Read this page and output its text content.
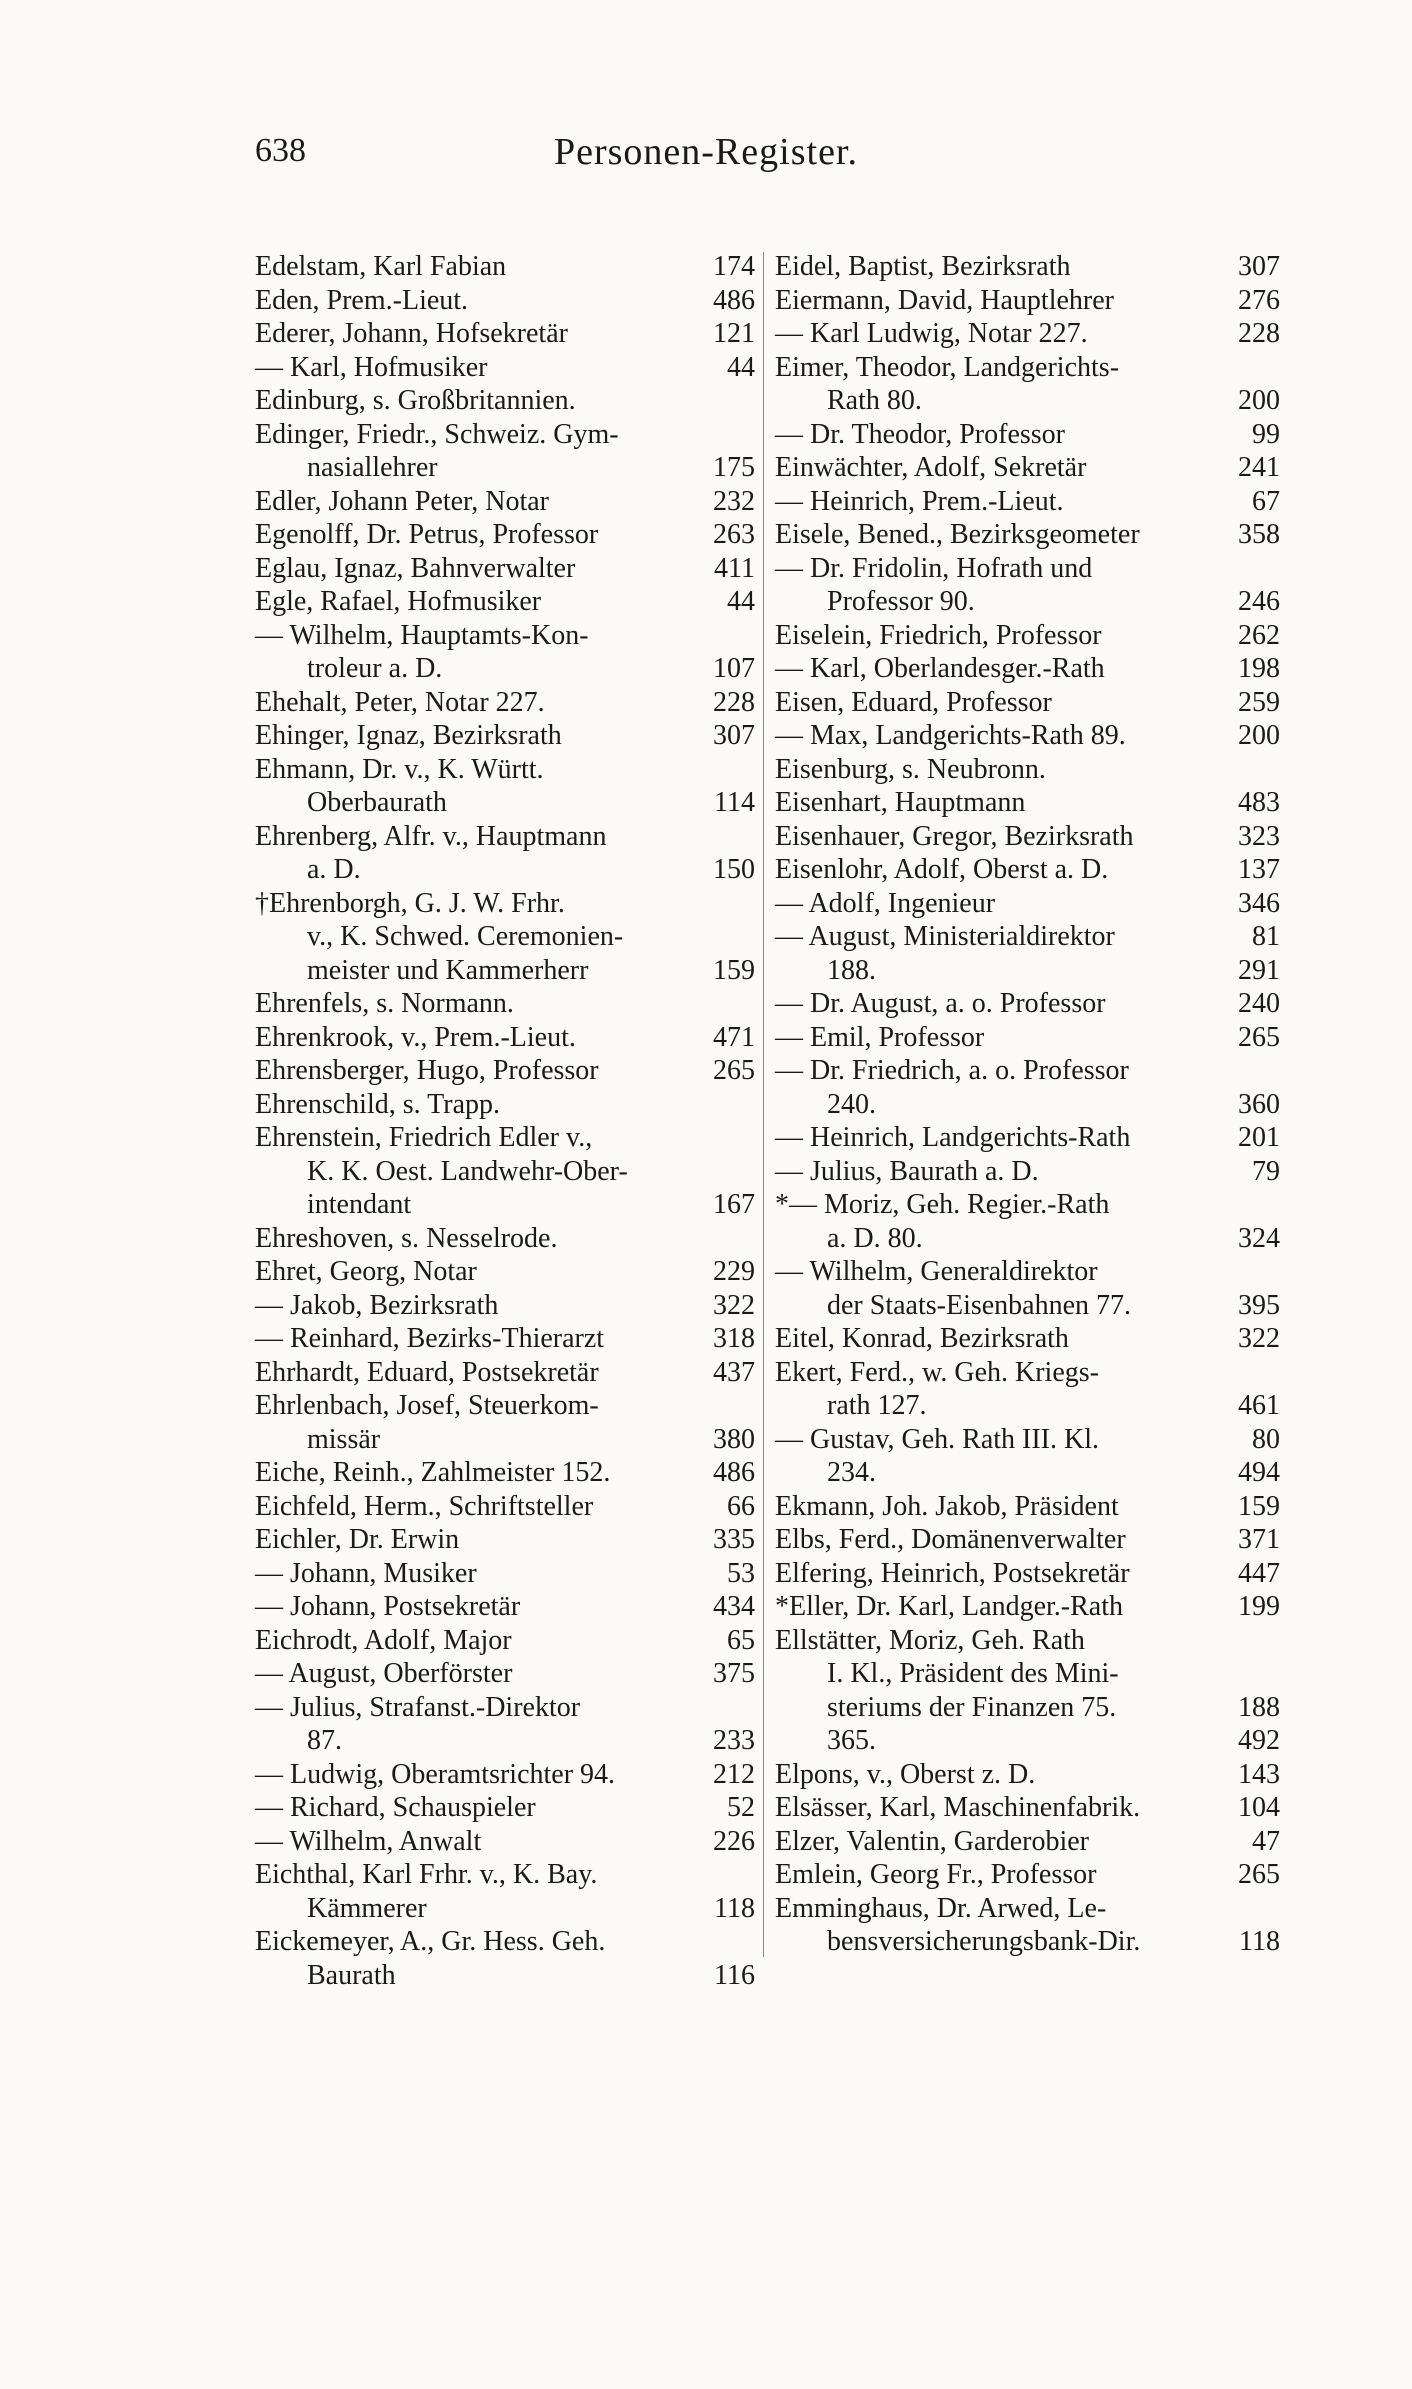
638	Personen-Register.
Edelstam, Karl Fabian	174
Eden, Prem.-Lieut.	486
Ederer, Johann, Hofsekretär	121
— Karl, Hofmusiker	44
Edinburg, s. Großbritannien.
Edinger, Friedr., Schweiz. Gym-
nasiallehrer	175
Edler, Johann Peter, Notar	232
Egenolff, Dr. Petrus, Professor	263
Eglau, Ignaz, Bahnverwalter	411
Egle, Rafael, Hofmusiker	44
— Wilhelm, Hauptamts-Kon-
troleur a. D.	107
Ehehalt, Peter, Notar 227.	228
Ehinger, Ignaz, Bezirksrath	307
Ehmann, Dr. v., K. Württ.
Oberbaurath	114
Ehrenberg, Alfr. v., Hauptmann
a. D.	150
†Ehrenborgh, G. J. W. Frhr.
v., K. Schwed. Ceremonien-
meister und Kammerherr	159
Ehrenfels, s. Normann.
Ehrenkrook, v., Prem.-Lieut.	471
Ehrensberger, Hugo, Professor	265
Ehrenschild, s. Trapp.
Ehrenstein, Friedrich Edler v.,
K. K. Oest. Landwehr-Ober-
intendant	167
Ehreshoven, s. Nesselrode.
Ehret, Georg, Notar	229
— Jakob, Bezirksrath	322
— Reinhard, Bezirks-Thierarzt	318
Ehrhardt, Eduard, Postsekretär	437
Ehrlenbach, Josef, Steuerkom-
missär	380
Eiche, Reinh., Zahlmeister 152.	486
Eichfeld, Herm., Schriftsteller	66
Eichler, Dr. Erwin	335
— Johann, Musiker	53
— Johann, Postsekretär	434
Eichrodt, Adolf, Major	65
— August, Oberförster	375
— Julius, Strafanst.-Direktor
87.	233
— Ludwig, Oberamtsrichter 94.	212
— Richard, Schauspieler	52
— Wilhelm, Anwalt	226
Eichthal, Karl Frhr. v., K. Bay.
Kämmerer	118
Eickemeyer, A., Gr. Hess. Geh.
Baurath	116
Eidel, Baptist, Bezirksrath	307
Eiermann, David, Hauptlehrer	276
— Karl Ludwig, Notar 227.	228
Eimer, Theodor, Landgerichts-
Rath 80.	200
— Dr. Theodor, Professor	99
Einwächter, Adolf, Sekretär	241
— Heinrich, Prem.-Lieut.	67
Eisele, Bened., Bezirksgeometer	358
— Dr. Fridolin, Hofrath und
Professor 90.	246
Eiselein, Friedrich, Professor	262
— Karl, Oberlandesger.-Rath	198
Eisen, Eduard, Professor	259
— Max, Landgerichts-Rath 89.	200
Eisenburg, s. Neubronn.
Eisenhart, Hauptmann	483
Eisenhauer, Gregor, Bezirksrath	323
Eisenlohr, Adolf, Oberst a. D.	137
— Adolf, Ingenieur	346
— August, Ministerialdirektor	81
188.	291
— Dr. August, a. o. Professor	240
— Emil, Professor	265
— Dr. Friedrich, a. o. Professor
240.	360
— Heinrich, Landgerichts-Rath	201
— Julius, Baurath a. D.	79
*— Moriz, Geh. Regier.-Rath
a. D. 80.	324
— Wilhelm, Generaldirektor
der Staats-Eisenbahnen 77.	395
Eitel, Konrad, Bezirksrath	322
Ekert, Ferd., w. Geh. Kriegs-
rath 127.	461
— Gustav, Geh. Rath III. Kl.	80
234.	494
Ekmann, Joh. Jakob, Präsident	159
Elbs, Ferd., Domänenverwalter	371
Elfering, Heinrich, Postsekretär	447
*Eller, Dr. Karl, Landger.-Rath	199
Ellstätter, Moriz, Geh. Rath
I. Kl., Präsident des Mini-
steriums der Finanzen 75.	188
365.	492
Elpons, v., Oberst z. D.	143
Elsässer, Karl, Maschinenfabrik.	104
Elzer, Valentin, Garderobier	47
Emlein, Georg Fr., Professor	265
Emminghaus, Dr. Arwed, Le-
bensversicherungsbank-Dir.	118
